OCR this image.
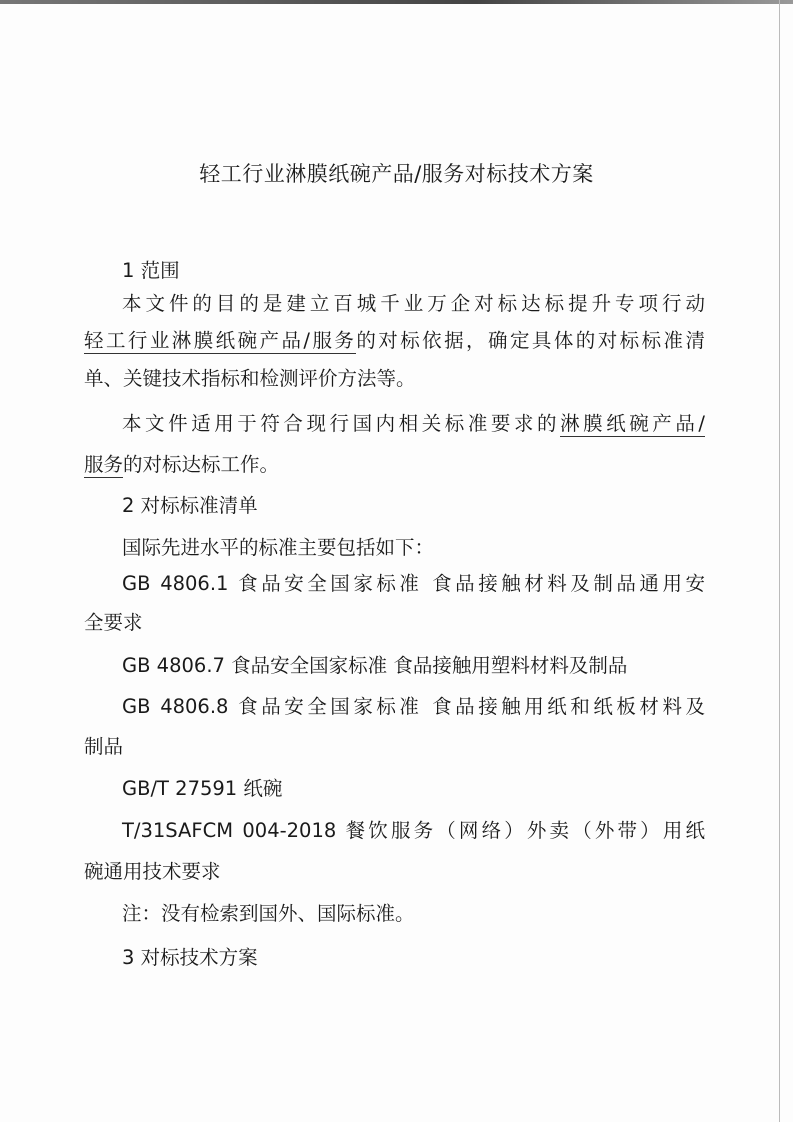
轻工行业淋膜纸碗产品/服务对标技术方案
1 范围
本文件的目的是建立百城千业万企对标达标提升专项行动
轻工行业淋膜纸碗产品/服务的对标依据，确定具体的对标标准清
单、关键技术指标和检测评价方法等。
本文件适用于符合现行国内相关标准要求的淋膜纸碗产品/
服务的对标达标工作。
2 对标标准清单
国际先进水平的标准主要包括如下：
GB 4806.1 食品安全国家标准 食品接触材料及制品通用安
全要求
GB 4806.7 食品安全国家标准 食品接触用塑料材料及制品
GB 4806.8 食品安全国家标准 食品接触用纸和纸板材料及
制品
GB/T 27591 纸碗
T/31SAFCM 004-2018 餐饮服务（网络）外卖（外带）用纸
碗通用技术要求
注：没有检索到国外、国际标准。
3 对标技术方案
